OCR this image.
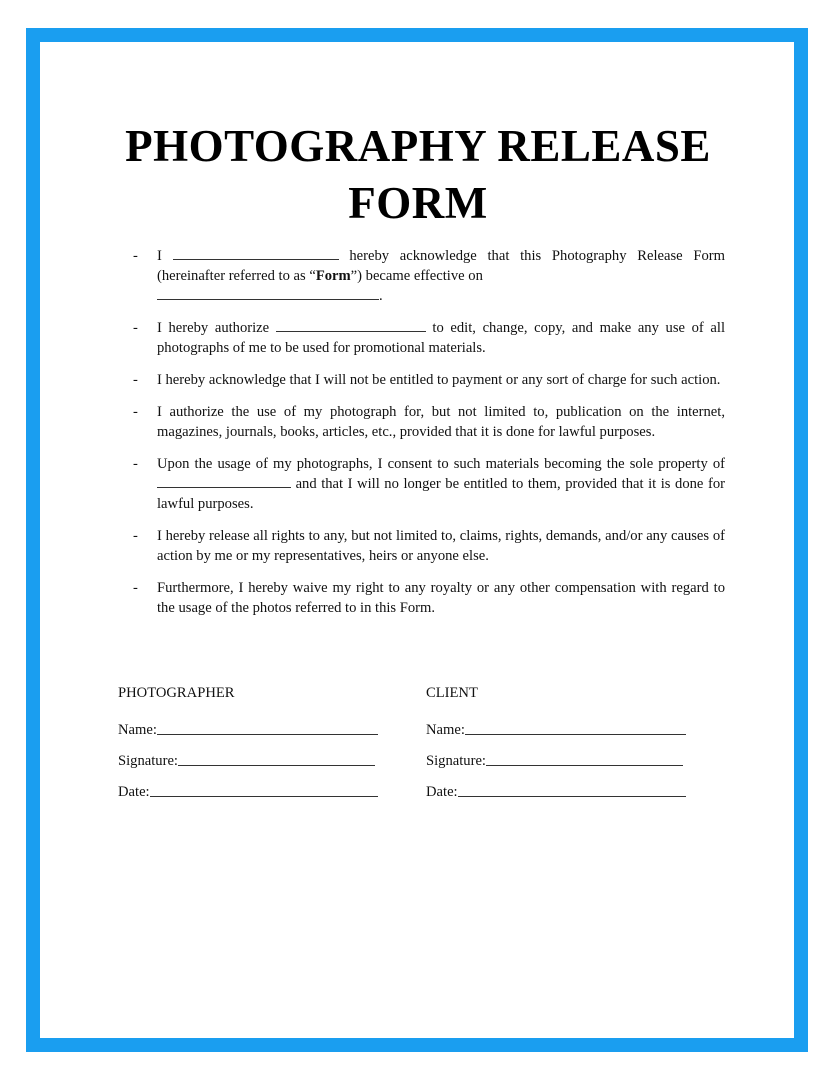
PHOTOGRAPHY RELEASE
FORM
-	I	hereby acknowledge that this Photography Release Form (hereinafter referred to as “Form”) became effective on
.
-	I hereby authorize	to edit, change, copy, and make any use of all photographs of me to be used for promotional materials.
-	I hereby acknowledge that I will not be entitled to payment or any sort of charge for such action.
-	I authorize the use of my photograph for, but not limited to, publication on the internet, magazines, journals, books, articles, etc., provided that it is done for lawful purposes.
-	Upon the usage of my photographs, I consent to such materials becoming the sole property of  and that I will no longer be entitled to them, provided that it is done for lawful purposes.
-	I hereby release all rights to any, but not limited to, claims, rights, demands, and/or any causes of action by me or my representatives, heirs or anyone else.
-	Furthermore, I hereby waive my right to any royalty or any other compensation with regard to the usage of the photos referred to in this Form.
PHOTOGRAPHER
Name:
Signature:
Date:
CLIENT
Name:
Signature:
Date:
